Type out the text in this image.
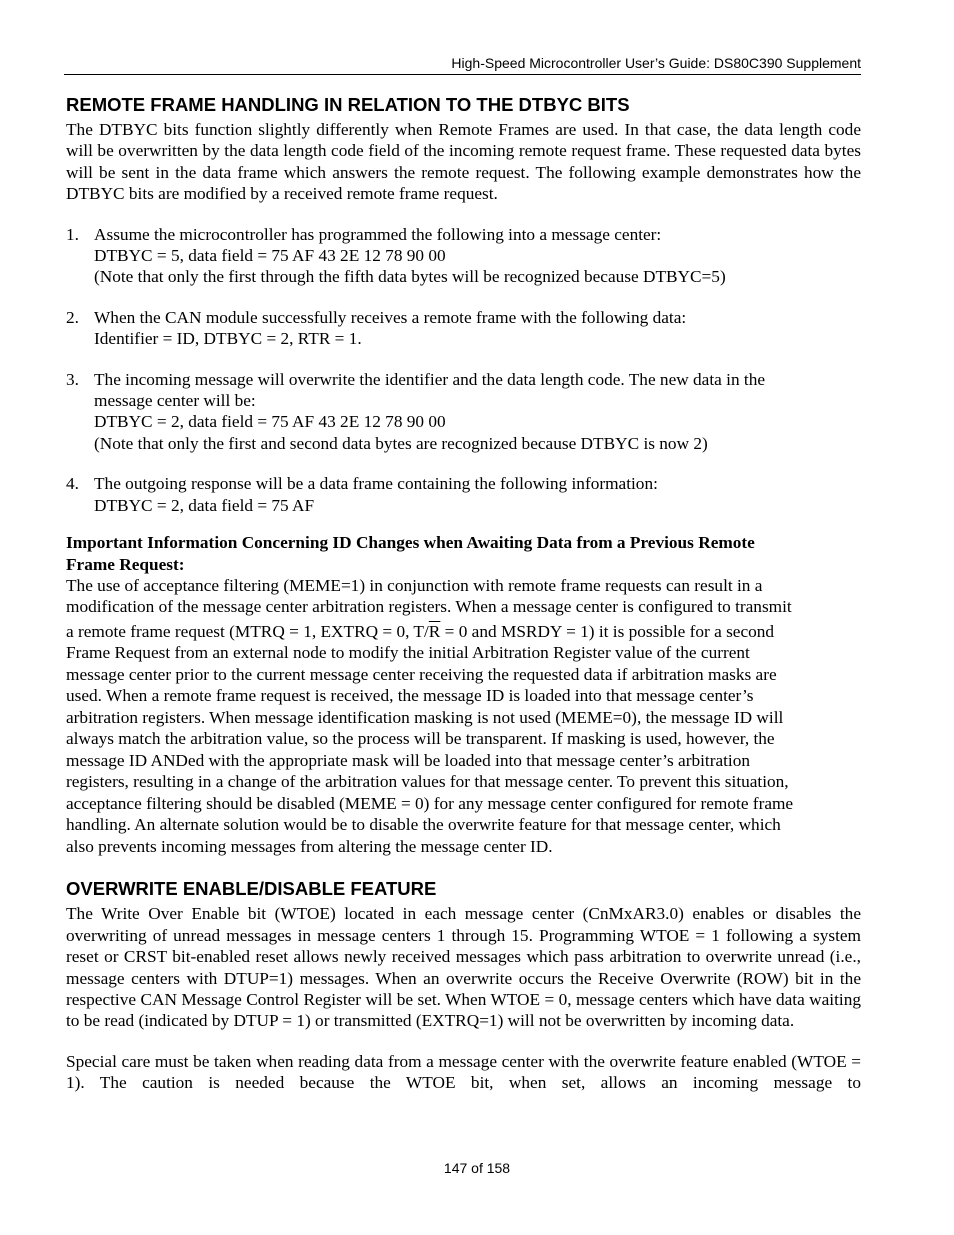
High-Speed Microcontroller User’s Guide: DS80C390 Supplement
REMOTE FRAME HANDLING IN RELATION TO THE DTBYC BITS

The DTBYC bits function slightly differently when Remote Frames are used. In that case, the data length code will be overwritten by the data length code field of the incoming remote request frame. These requested data bytes will be sent in the data frame which answers the remote request. The following example demonstrates how the DTBYC bits are modified by a received remote frame request.

1. Assume the microcontroller has programmed the following into a message center:
DTBYC = 5, data field = 75 AF 43 2E 12 78 90 00
(Note that only the first through the fifth data bytes will be recognized because DTBYC=5)
2. When the CAN module successfully receives a remote frame with the following data:
Identifier = ID, DTBYC = 2, RTR = 1.
3. The incoming message will overwrite the identifier and the data length code. The new data in the
message center will be:
DTBYC = 2, data field = 75 AF 43 2E 12 78 90 00
(Note that only the first and second data bytes are recognized because DTBYC is now 2)
4. The outgoing response will be a data frame containing the following information:
DTBYC = 2, data field = 75 AF
Important Information Concerning ID Changes when Awaiting Data from a Previous Remote
Frame Request:
The use of acceptance filtering (MEME=1) in conjunction with remote frame requests can result in a
modification of the message center arbitration registers. When a message center is configured to transmit
a remote frame request (MTRQ = 1, EXTRQ = 0, $T/\overline{R} = 0$ and MSRDY = 1) it is possible for a second
Frame Request from an external node to modify the initial Arbitration Register value of the current
message center prior to the current message center receiving the requested data if arbitration masks are
used. When a remote frame request is received, the message ID is loaded into that message center’s
arbitration registers. When message identification masking is not used (MEME=0), the message ID will
always match the arbitration value, so the process will be transparent. If masking is used, however, the
message ID ANDed with the appropriate mask will be loaded into that message center’s arbitration
registers, resulting in a change of the arbitration values for that message center. To prevent this situation,
acceptance filtering should be disabled (MEME = 0) for any message center configured for remote frame
handling. An alternate solution would be to disable the overwrite feature for that message center, which
also prevents incoming messages from altering the message center ID.
OVERWRITE ENABLE/DISABLE FEATURE

The Write Over Enable bit (WTOE) located in each message center (CnMxAR3.0) enables or disables the overwriting of unread messages in message centers 1 through 15. Programming WTOE = 1 following a system reset or CRST bit-enabled reset allows newly received messages which pass arbitration to overwrite unread (i.e., message centers with DTUP=1) messages. When an overwrite occurs the Receive Overwrite (ROW) bit in the respective CAN Message Control Register will be set. When WTOE = 0, message centers which have data waiting to be read (indicated by DTUP = 1) or transmitted (EXTRQ=1) will not be overwritten by incoming data.

Special care must be taken when reading data from a message center with the overwrite feature enabled (WTOE = 1). The caution is needed because the WTOE bit, when set, allows an incoming message to

147 of 158
